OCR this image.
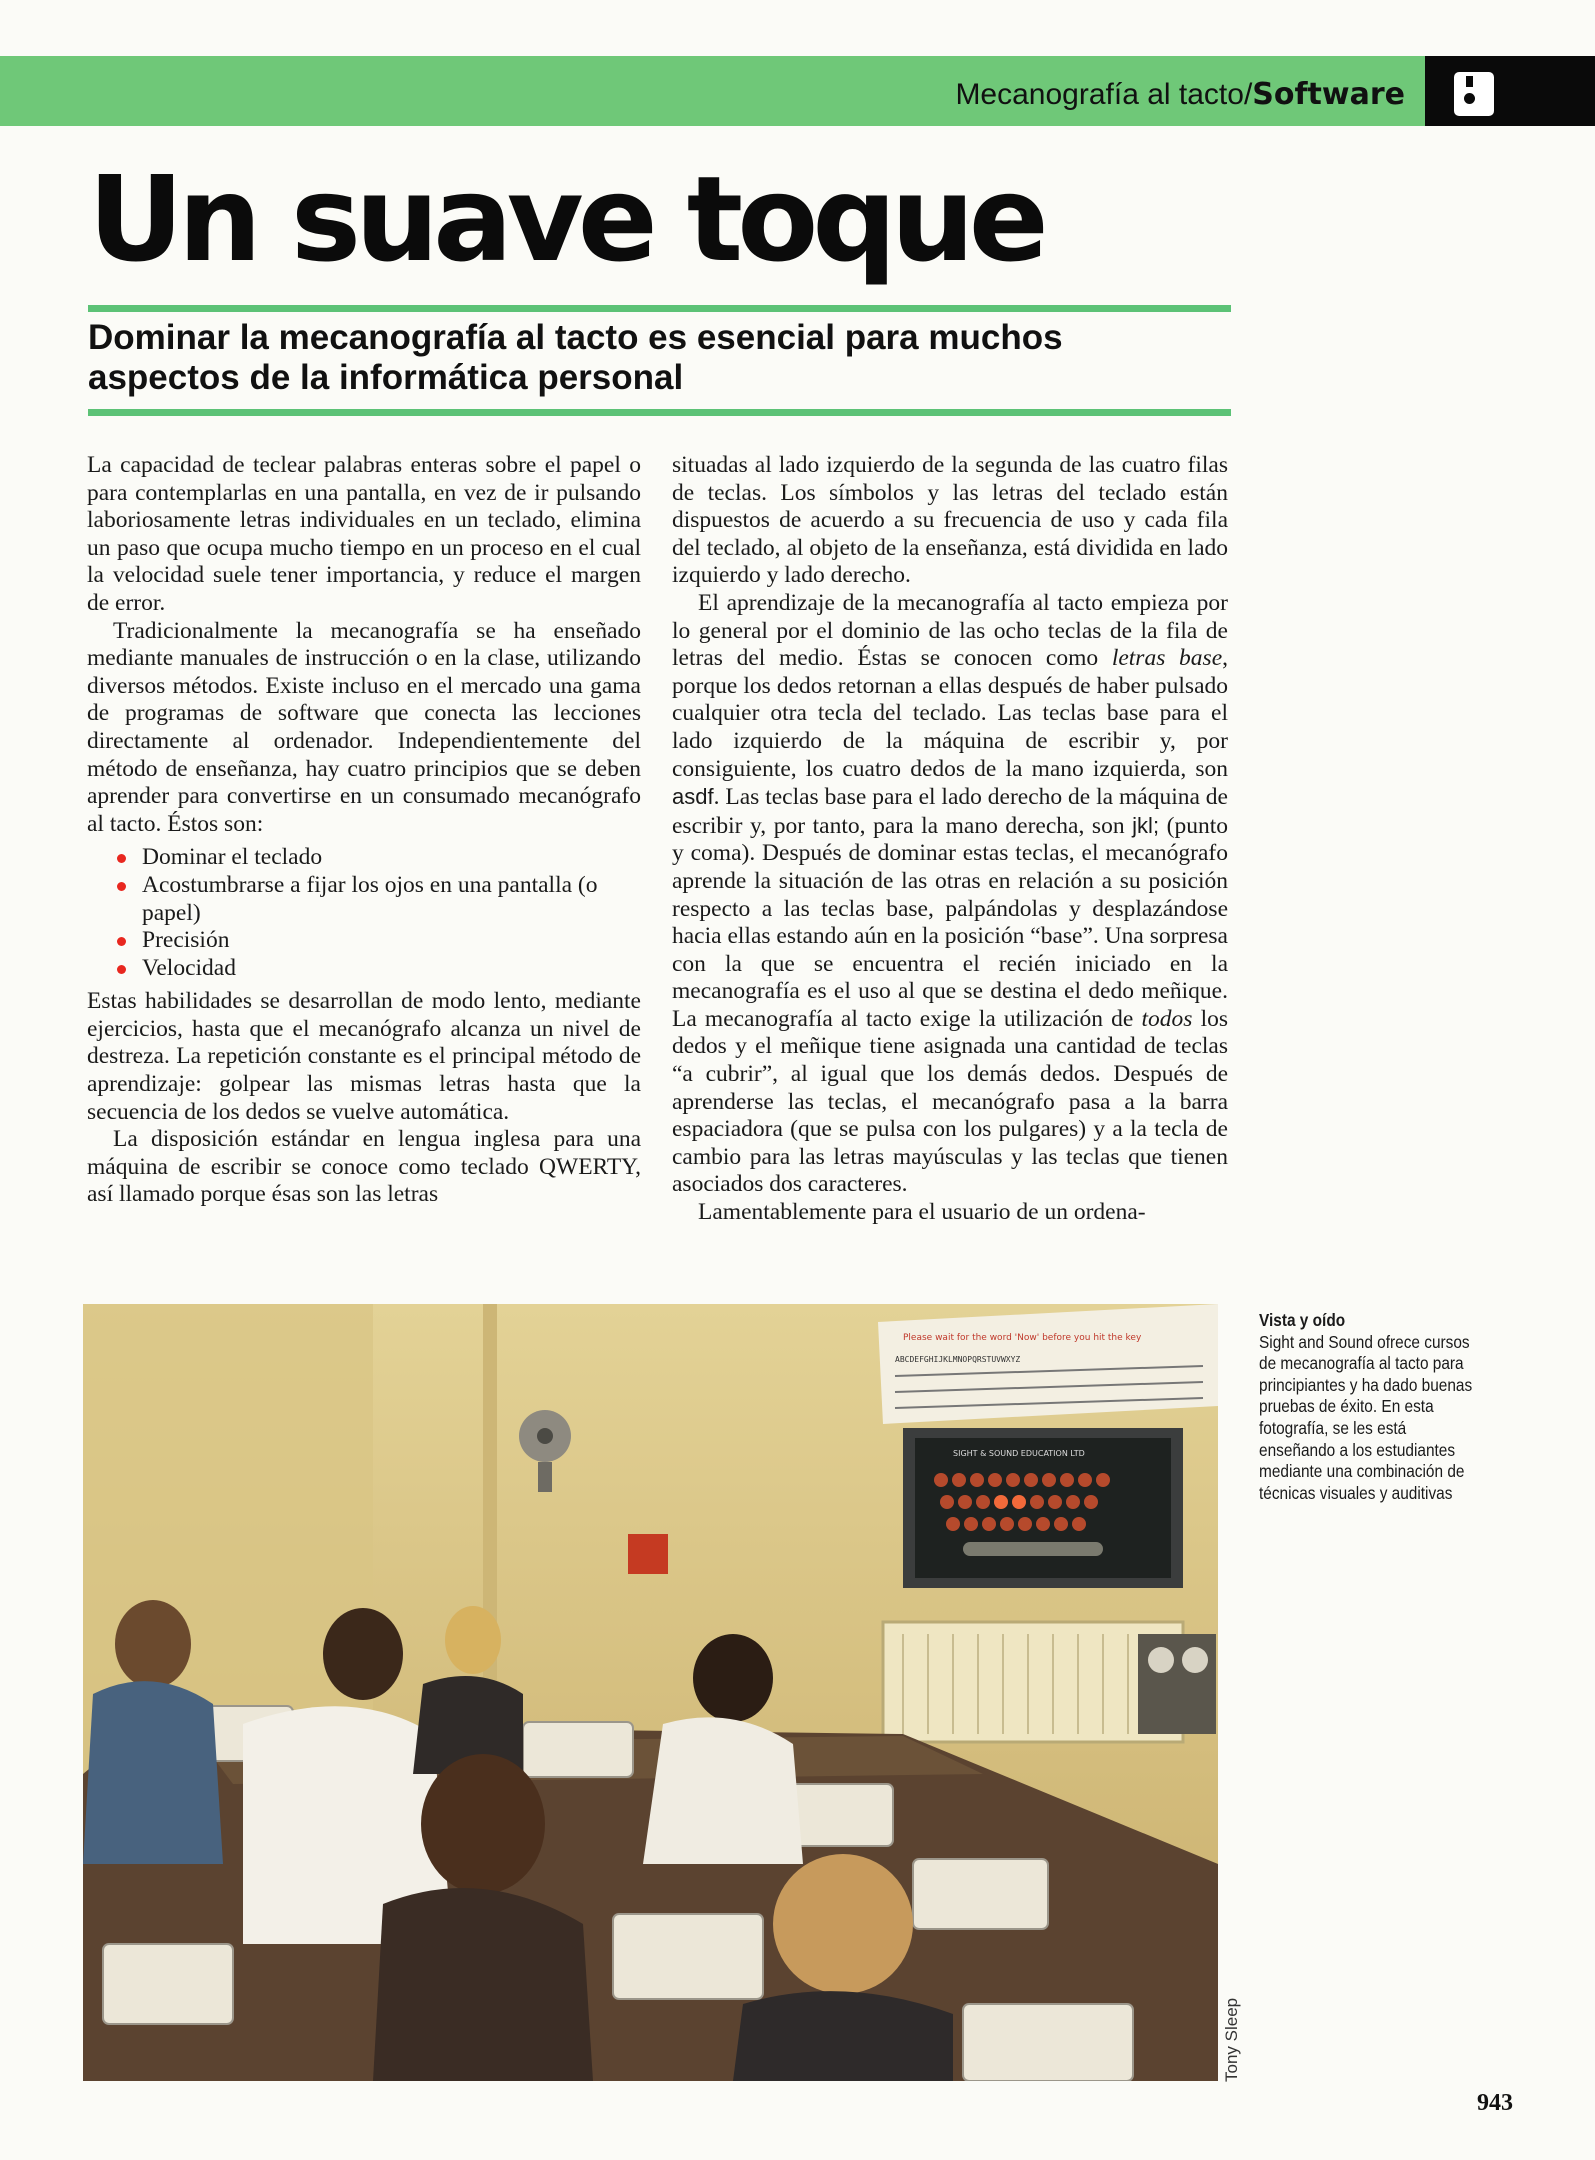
Mecanografía al tacto/Software
Un suave toque

Dominar la mecanografía al tacto es esencial para muchos aspectos de la informática personal

La capacidad de teclear palabras enteras sobre el papel o para contemplarlas en una pantalla, en vez de ir pulsando laboriosamente letras individuales en un teclado, elimina un paso que ocupa mucho tiempo en un proceso en el cual la velocidad suele tener importancia, y reduce el margen de error.

Tradicionalmente la mecanografía se ha enseñado mediante manuales de instrucción o en la clase, utilizando diversos métodos. Existe incluso en el mercado una gama de programas de software que conecta las lecciones directamente al ordenador. Independientemente del método de enseñanza, hay cuatro principios que se deben aprender para convertirse en un consumado mecanógrafo al tacto. Éstos son:

Dominar el teclado
Acostumbrarse a fijar los ojos en una pantalla (o papel)
Precisión
Velocidad

Estas habilidades se desarrollan de modo lento, mediante ejercicios, hasta que el mecanógrafo alcanza un nivel de destreza. La repetición constante es el principal método de aprendizaje: golpear las mismas letras hasta que la secuencia de los dedos se vuelve automática.

La disposición estándar en lengua inglesa para una máquina de escribir se conoce como teclado QWERTY, así llamado porque ésas son las letras

situadas al lado izquierdo de la segunda de las cuatro filas de teclas. Los símbolos y las letras del teclado están dispuestos de acuerdo a su frecuencia de uso y cada fila del teclado, al objeto de la enseñanza, está dividida en lado izquierdo y lado derecho.

El aprendizaje de la mecanografía al tacto empieza por lo general por el dominio de las ocho teclas de la fila de letras del medio. Éstas se conocen como letras base, porque los dedos retornan a ellas después de haber pulsado cualquier otra tecla del teclado. Las teclas base para el lado izquierdo de la máquina de escribir y, por consiguiente, los cuatro dedos de la mano izquierda, son asdf. Las teclas base para el lado derecho de la máquina de escribir y, por tanto, para la mano derecha, son jkl; (punto y coma). Después de dominar estas teclas, el mecanógrafo aprende la situación de las otras en relación a su posición respecto a las teclas base, palpándolas y desplazándose hacia ellas estando aún en la posición “base”. Una sorpresa con la que se encuentra el recién iniciado en la mecanografía es el uso al que se destina el dedo meñique. La mecanografía al tacto exige la utilización de todos los dedos y el meñique tiene asignada una cantidad de teclas “a cubrir”, al igual que los demás dedos. Después de aprenderse las teclas, el mecanógrafo pasa a la barra espaciadora (que se pulsa con los pulgares) y a la tecla de cambio para las letras mayúsculas y las teclas que tienen asociados dos caracteres.

Lamentablemente para el usuario de un ordena-

Please wait for the word 'Now' before you hit the key
ABCDEFGHIJKLMNOPQRSTUVWXYZ
SIGHT & SOUND EDUCATION LTD
Vista y oído
Sight and Sound ofrece cursos de mecanografía al tacto para principiantes y ha dado buenas pruebas de éxito. En esta fotografía, se les está enseñando a los estudiantes mediante una combinación de técnicas visuales y auditivas
Tony Sleep
943
